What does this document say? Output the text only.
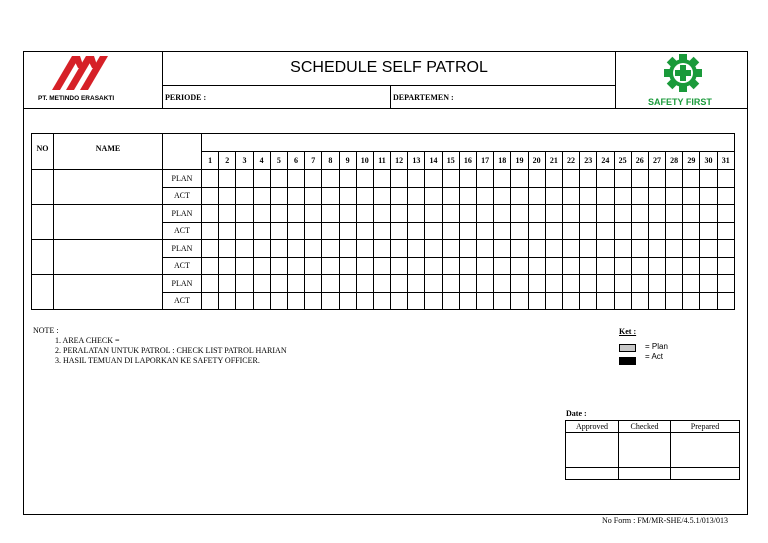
PT. METINDO ERASAKTI
SCHEDULE SELF PATROL
PERIODE :	DEPARTEMEN :	SAFETY FIRST
NO	NAME																																
			1	2	3	4	5	6	7	8	9	10	11	12	13	14	15	16	17	18	19	20	21	22	23	24	25	26	27	28	29	30	31
		PLAN																															
		ACT																															
		PLAN																															
		ACT																															
		PLAN																															
		ACT																															
		PLAN																															
		ACT																															
NOTE :
1. AREA CHECK =
2. PERALATAN UNTUK PATROL : CHECK LIST PATROL HARIAN
3. HASIL TEMUAN DI LAPORKAN KE SAFETY OFFICER.
Ket :
= Plan
= Act
Date :
Approved	Checked	Prepared

No Form : FM/MR-SHE/4.5.1/013/013
